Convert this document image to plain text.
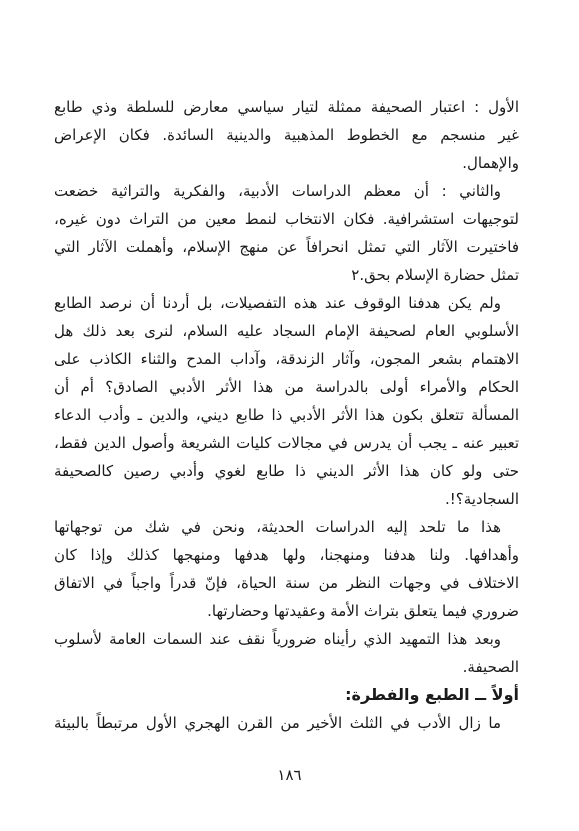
الأول : اعتبار الصحيفة ممثلة لتيار سياسي معارض للسلطة وذي طابع
غير منسجم مع الخطوط المذهبية والدينية السائدة. فكان الإعراض
والإهمال.
والثاني : أن معظم الدراسات الأدبية، والفكرية والتراثية خضعت
لتوجيهات استشرافية. فكان الانتخاب لنمط معين من التراث دون غيره،
فاختيرت الآثار التي تمثل انحرافاً عن منهج الإسلام، وأهملت الآثار التي
تمثل حضارة الإسلام بحق.٢
ولم يكن هدفنا الوقوف عند هذه التفصيلات، بل أردنا أن نرصد الطابع
الأسلوبي العام لصحيفة الإمام السجاد عليه السلام، لنرى بعد ذلك هل
الاهتمام بشعر المجون، وآثار الزندقة، وآداب المدح والثناء الكاذب على
الحكام والأمراء أولى بالدراسة من هذا الأثر الأدبي الصادق؟ أم أن
المسألة تتعلق بكون هذا الأثر الأدبي ذا طابع ديني، والدين ـ وأدب الدعاء
تعبير عنه ـ يجب أن يدرس في مجالات كليات الشريعة وأصول الدين فقط،
حتى ولو كان هذا الأثر الديني ذا طابع لغوي وأدبي رصين كالصحيفة
السجادية؟!.
هذا ما تلحد إليه الدراسات الحديثة، ونحن في شك من توجهاتها
وأهدافها. ولنا هدفنا ومنهجنا، ولها هدفها ومنهجها كذلك وإذا كان
الاختلاف في وجهات النظر من سنة الحياة، فإنّ قدراً واجباً في الاتفاق
ضروري فيما يتعلق بتراث الأمة وعقيدتها وحضارتها.
وبعد هذا التمهيد الذي رأيناه ضرورياً نقف عند السمات العامة لأسلوب
الصحيفة.
أولاً ــ الطبع والفطرة:
ما زال الأدب في الثلث الأخير من القرن الهجري الأول مرتبطاً بالبيئة
١٨٦
